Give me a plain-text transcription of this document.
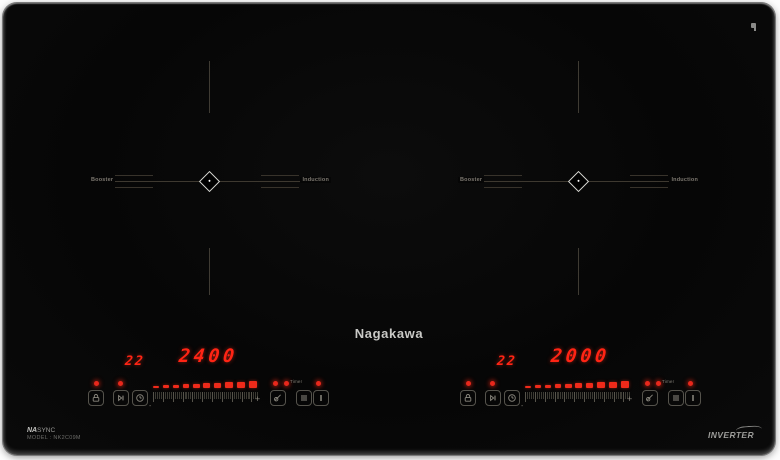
Booster	Induction	Booster	Induction
Nagakawa
22 2400
-
+
Timer
22 2000
-
+
Timer
NASYNC
MODEL : NK2C09M	INVERTER
